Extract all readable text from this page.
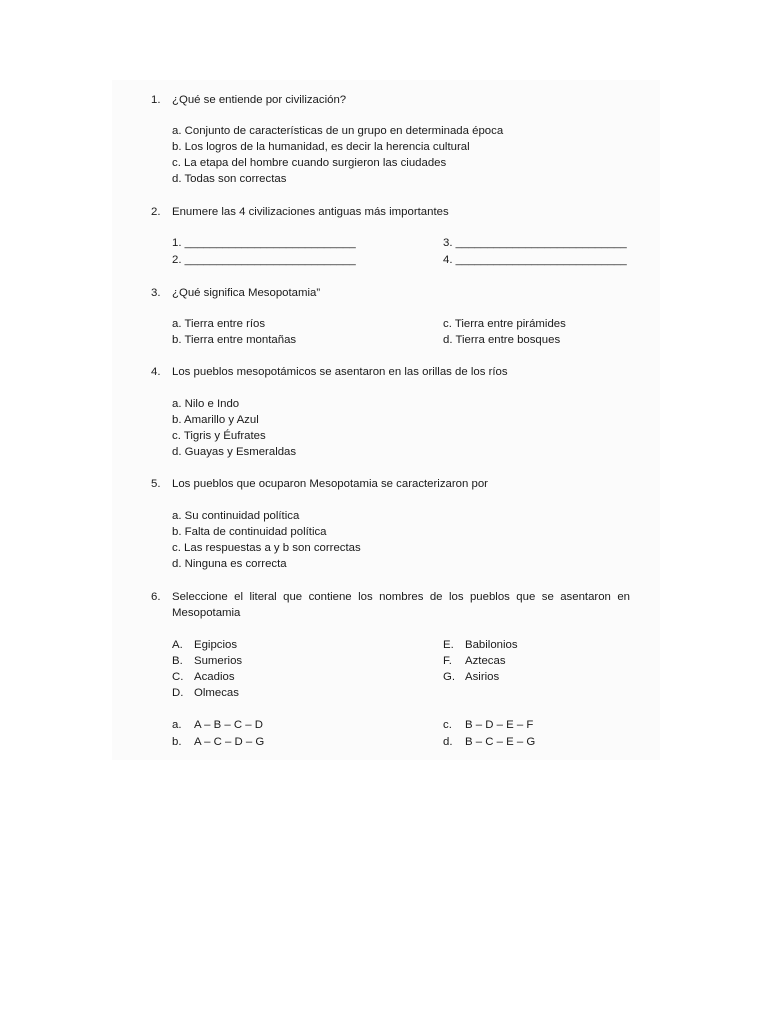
1. ¿Qué se entiende por civilización?
a. Conjunto de características de un grupo en determinada época
b. Los logros de la humanidad, es decir la herencia cultural
c. La etapa del hombre cuando surgieron las ciudades
d. Todas son correctas
2. Enumere las 4 civilizaciones antiguas más importantes
1. ___________________________
2. ___________________________
3. ___________________________
4. ___________________________
3. ¿Qué significa Mesopotamia”
a. Tierra entre ríos
b. Tierra entre montañas
c. Tierra entre pirámides
d. Tierra entre bosques
4. Los pueblos mesopotámicos se asentaron en las orillas de los ríos
a. Nilo e Indo
b. Amarillo y Azul
c. Tigris y Éufrates
d. Guayas y Esmeraldas
5. Los pueblos que ocuparon Mesopotamia se caracterizaron por
a. Su continuidad política
b. Falta de continuidad política
c. Las respuestas a y b son correctas
d. Ninguna es correcta
6. Seleccione el literal que contiene los nombres de los pueblos que se asentaron en
Mesopotamia
A. Egipcios
B. Sumerios
C. Acadios
D. Olmecas
E. Babilonios
F. Aztecas
G. Asirios
a. A – B – C – D
b. A – C – D – G
c. B – D – E – F
d. B – C – E – G
